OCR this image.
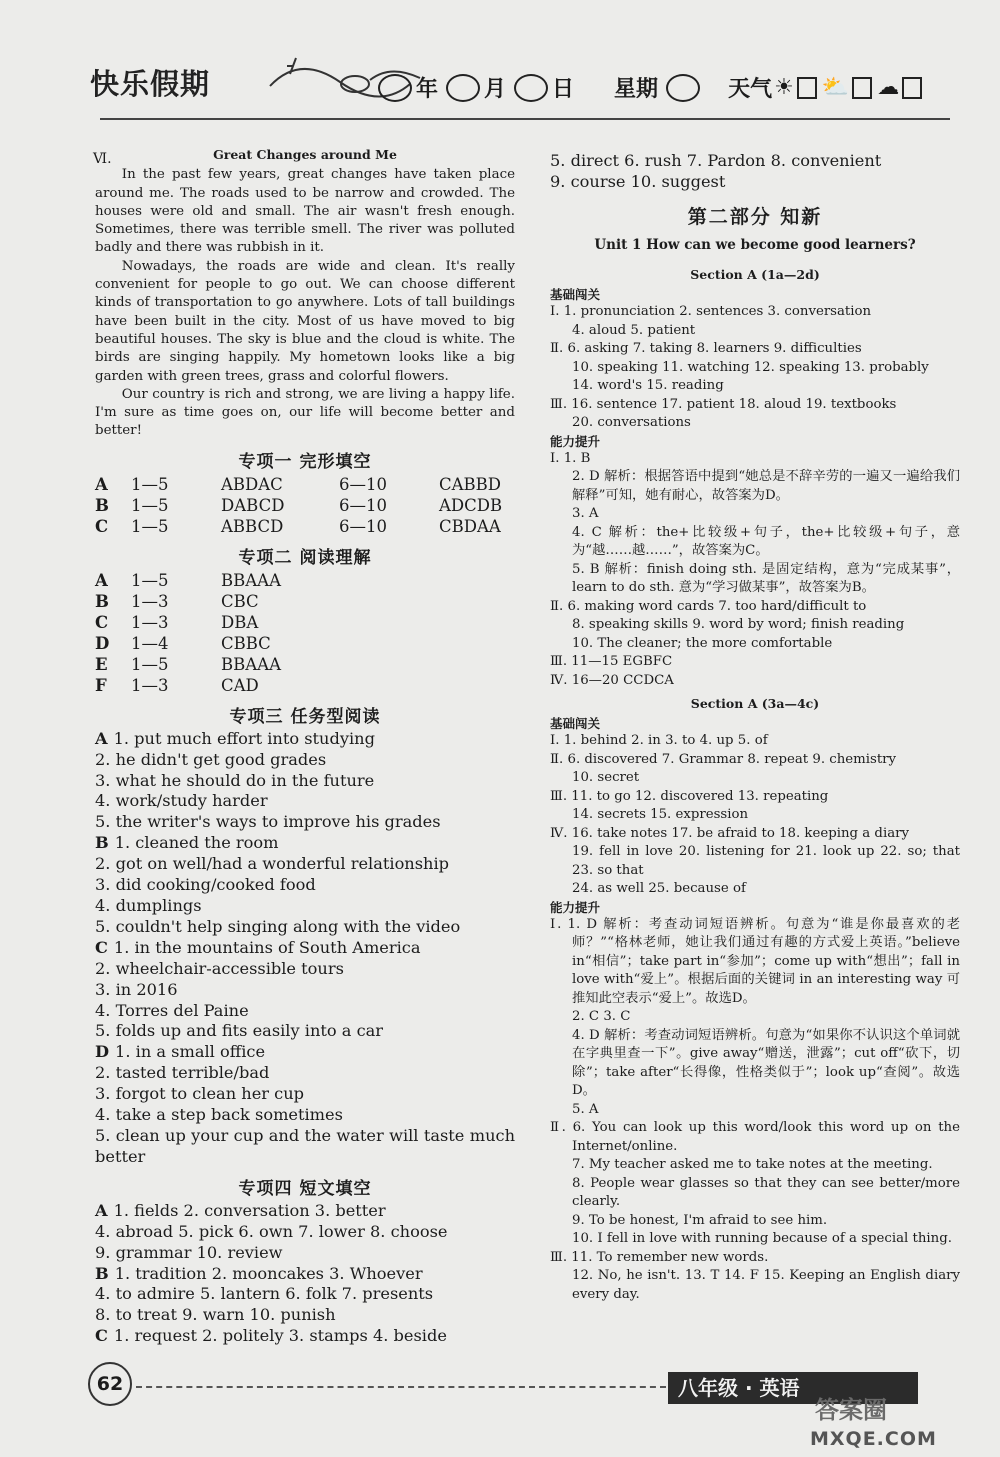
快乐假期	年 月 日 星期	天气 ☀ ⛅ ☁
Ⅵ.	Great Changes around Me

In the past few years, great changes have taken place around me. The roads used to be narrow and crowded. The houses were old and small. The air wasn't fresh enough. Sometimes, there was terrible smell. The river was polluted badly and there was rubbish in it.

Nowadays, the roads are wide and clean. It's really convenient for people to go out. We can choose different kinds of transportation to go anywhere. Lots of tall buildings have been built in the city. Most of us have moved to big beautiful houses. The sky is blue and the cloud is white. The birds are singing happily. My hometown looks like a big garden with green trees, grass and colorful flowers.

Our country is rich and strong, we are living a happy life. I'm sure as time goes on, our life will become better and better!

专项一 完形填空
A	1—5	ABDAC	6—10	CABBD
B	1—5	DABCD	6—10	ADCDB
C	1—5	ABBCD	6—10	CBDAA
专项二 阅读理解
A	1—5	BBAAA
B	1—3	CBC
C	1—3	DBA
D	1—4	CBBC
E	1—5	BBAAA
F	1—3	CAD
专项三 任务型阅读
A 1. put much effort into studying
2. he didn't get good grades
3. what he should do in the future
4. work/study harder
5. the writer's ways to improve his grades
B 1. cleaned the room
2. got on well/had a wonderful relationship
3. did cooking/cooked food
4. dumplings
5. couldn't help singing along with the video
C 1. in the mountains of South America
2. wheelchair-accessible tours
3. in 2016
4. Torres del Paine
5. folds up and fits easily into a car
D 1. in a small office
2. tasted terrible/bad
3. forgot to clean her cup
4. take a step back sometimes
5. clean up your cup and the water will taste much better
专项四 短文填空
A 1. fields 2. conversation 3. better
4. abroad 5. pick 6. own 7. lower 8. choose
9. grammar 10. review
B 1. tradition 2. mooncakes 3. Whoever
4. to admire 5. lantern 6. folk 7. presents
8. to treat 9. warn 10. punish
C 1. request 2. politely 3. stamps 4. beside
5. direct 6. rush 7. Pardon 8. convenient
9. course 10. suggest
第二部分 知新
Unit 1 How can we become good learners?
Section A (1a—2d)
基础闯关
Ⅰ. 1. pronunciation 2. sentences 3. conversation
4. aloud 5. patient
Ⅱ. 6. asking 7. taking 8. learners 9. difficulties
10. speaking 11. watching 12. speaking 13. probably
14. word's 15. reading
Ⅲ. 16. sentence 17. patient 18. aloud 19. textbooks
20. conversations
能力提升
Ⅰ. 1. B
2. D 解析：根据答语中提到“她总是不辞辛劳的一遍又一遍给我们解释”可知，她有耐心，故答案为D。
3. A
4. C 解析：the+比较级+句子，the+比较级+句子，意为“越……越……”，故答案为C。
5. B 解析：finish doing sth. 是固定结构，意为“完成某事”，learn to do sth. 意为“学习做某事”，故答案为B。
Ⅱ. 6. making word cards 7. too hard/difficult to
8. speaking skills 9. word by word; finish reading
10. The cleaner; the more comfortable
Ⅲ. 11—15 EGBFC
Ⅳ. 16—20 CCDCA
Section A (3a—4c)
基础闯关
Ⅰ. 1. behind 2. in 3. to 4. up 5. of
Ⅱ. 6. discovered 7. Grammar 8. repeat 9. chemistry
10. secret
Ⅲ. 11. to go 12. discovered 13. repeating
14. secrets 15. expression
Ⅳ. 16. take notes 17. be afraid to 18. keeping a diary
19. fell in love 20. listening for 21. look up 22. so; that 23. so that
24. as well 25. because of
能力提升
Ⅰ. 1. D 解析：考查动词短语辨析。句意为“谁是你最喜欢的老师？”“格林老师，她让我们通过有趣的方式爱上英语。”believe in“相信”；take part in“参加”；come up with“想出”；fall in love with“爱上”。根据后面的关键词 in an interesting way 可推知此空表示“爱上”。故选D。
2. C 3. C
4. D 解析：考查动词短语辨析。句意为“如果你不认识这个单词就在字典里查一下”。give away“赠送，泄露”；cut off“砍下，切除”；take after“长得像，性格类似于”；look up“查阅”。故选D。
5. A
Ⅱ. 6. You can look up this word/look this word up on the Internet/online.
7. My teacher asked me to take notes at the meeting.
8. People wear glasses so that they can see better/more clearly.
9. To be honest, I'm afraid to see him.
10. I fell in love with running because of a special thing.
Ⅲ. 11. To remember new words.
12. No, he isn't. 13. T 14. F 15. Keeping an English diary every day.
62	八年级 · 英语
答案圈
MXQE.COM
